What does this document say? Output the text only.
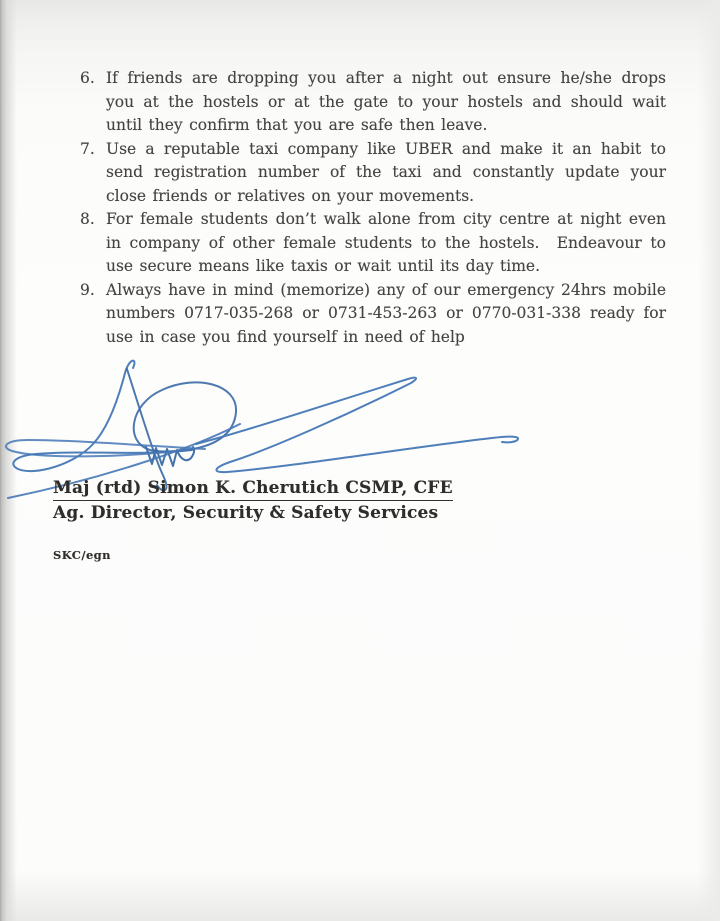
6. If friends are dropping you after a night out ensure he/she drops you at the hostels or at the gate to your hostels and should wait until they confirm that you are safe then leave.

7. Use a reputable taxi company like UBER and make it an habit to send registration number of the taxi and constantly update your close friends or relatives on your movements.

8. For female students don’t walk alone from city centre at night even in company of other female students to the hostels.  Endeavour to use secure means like taxis or wait until its day time.

9. Always have in mind (memorize) any of our emergency 24hrs mobile numbers 0717-035-268 or 0731-453-263 or 0770-031-338 ready for use in case you find yourself in need of help

Maj (rtd) Simon K. Cherutich CSMP, CFE
Ag. Director, Security & Safety Services
SKC/egn
